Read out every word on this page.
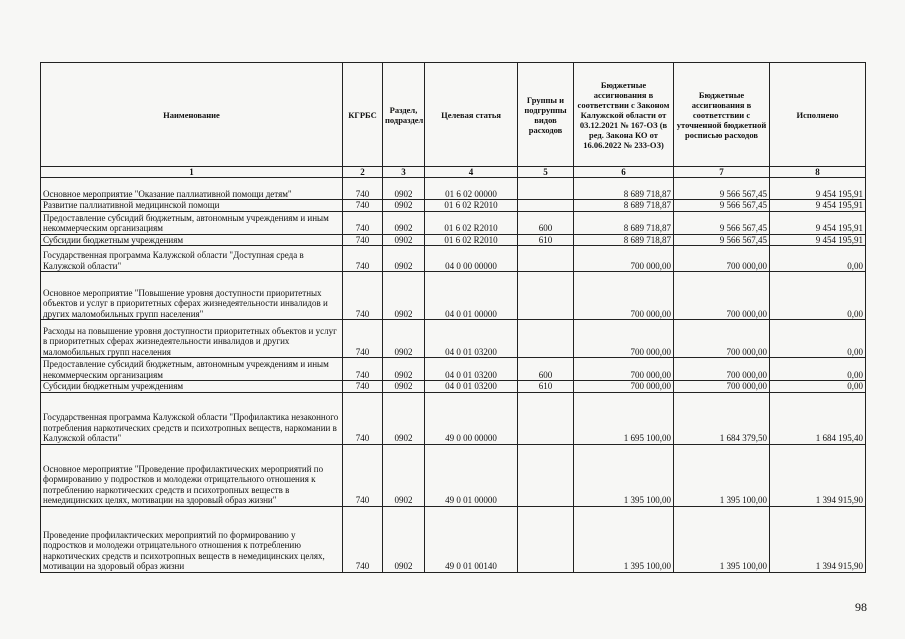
Наименование	КГРБС	Раздел, подраздел	Целевая статья	Группы и подгруппы видов расходов	Бюджетные ассигнования в соответствии с Законом Калужской области от 03.12.2021 № 167-ОЗ (в ред. Закона КО от 16.06.2022 № 233-ОЗ)	Бюджетные ассигнования в соответствии с уточненной бюджетной росписью расходов	Исполнено
1	2	3	4	5	6	7	8
Основное мероприятие "Оказание паллиативной помощи детям"	740	0902	01 6 02 00000		8 689 718,87	9 566 567,45	9 454 195,91
Развитие паллиативной медицинской помощи	740	0902	01 6 02 R2010		8 689 718,87	9 566 567,45	9 454 195,91
Предоставление субсидий бюджетным, автономным учреждениям и иным некоммерческим организациям	740	0902	01 6 02 R2010	600	8 689 718,87	9 566 567,45	9 454 195,91
Субсидии бюджетным учреждениям	740	0902	01 6 02 R2010	610	8 689 718,87	9 566 567,45	9 454 195,91
Государственная программа Калужской области "Доступная среда в Калужской области"	740	0902	04 0 00 00000		700 000,00	700 000,00	0,00
Основное мероприятие "Повышение уровня доступности приоритетных объектов и услуг в приоритетных сферах жизнедеятельности инвалидов и других маломобильных групп населения"	740	0902	04 0 01 00000		700 000,00	700 000,00	0,00
Расходы на повышение уровня доступности приоритетных объектов и услуг в приоритетных сферах жизнедеятельности инвалидов и других маломобильных групп населения	740	0902	04 0 01 03200		700 000,00	700 000,00	0,00
Предоставление субсидий бюджетным, автономным учреждениям и иным некоммерческим организациям	740	0902	04 0 01 03200	600	700 000,00	700 000,00	0,00
Субсидии бюджетным учреждениям	740	0902	04 0 01 03200	610	700 000,00	700 000,00	0,00
Государственная программа Калужской области "Профилактика незаконного потребления наркотических средств и психотропных веществ, наркомании в Калужской области"	740	0902	49 0 00 00000		1 695 100,00	1 684 379,50	1 684 195,40
Основное мероприятие "Проведение профилактических мероприятий по формированию у подростков и молодежи отрицательного отношения к потреблению наркотических средств и психотропных веществ в немедицинских целях, мотивации на здоровый образ жизни"	740	0902	49 0 01 00000		1 395 100,00	1 395 100,00	1 394 915,90
Проведение профилактических мероприятий по формированию у подростков и молодежи отрицательного отношения к потреблению наркотических средств и психотропных веществ в немедицинских целях, мотивации на здоровый образ жизни	740	0902	49 0 01 00140		1 395 100,00	1 395 100,00	1 394 915,90
98
